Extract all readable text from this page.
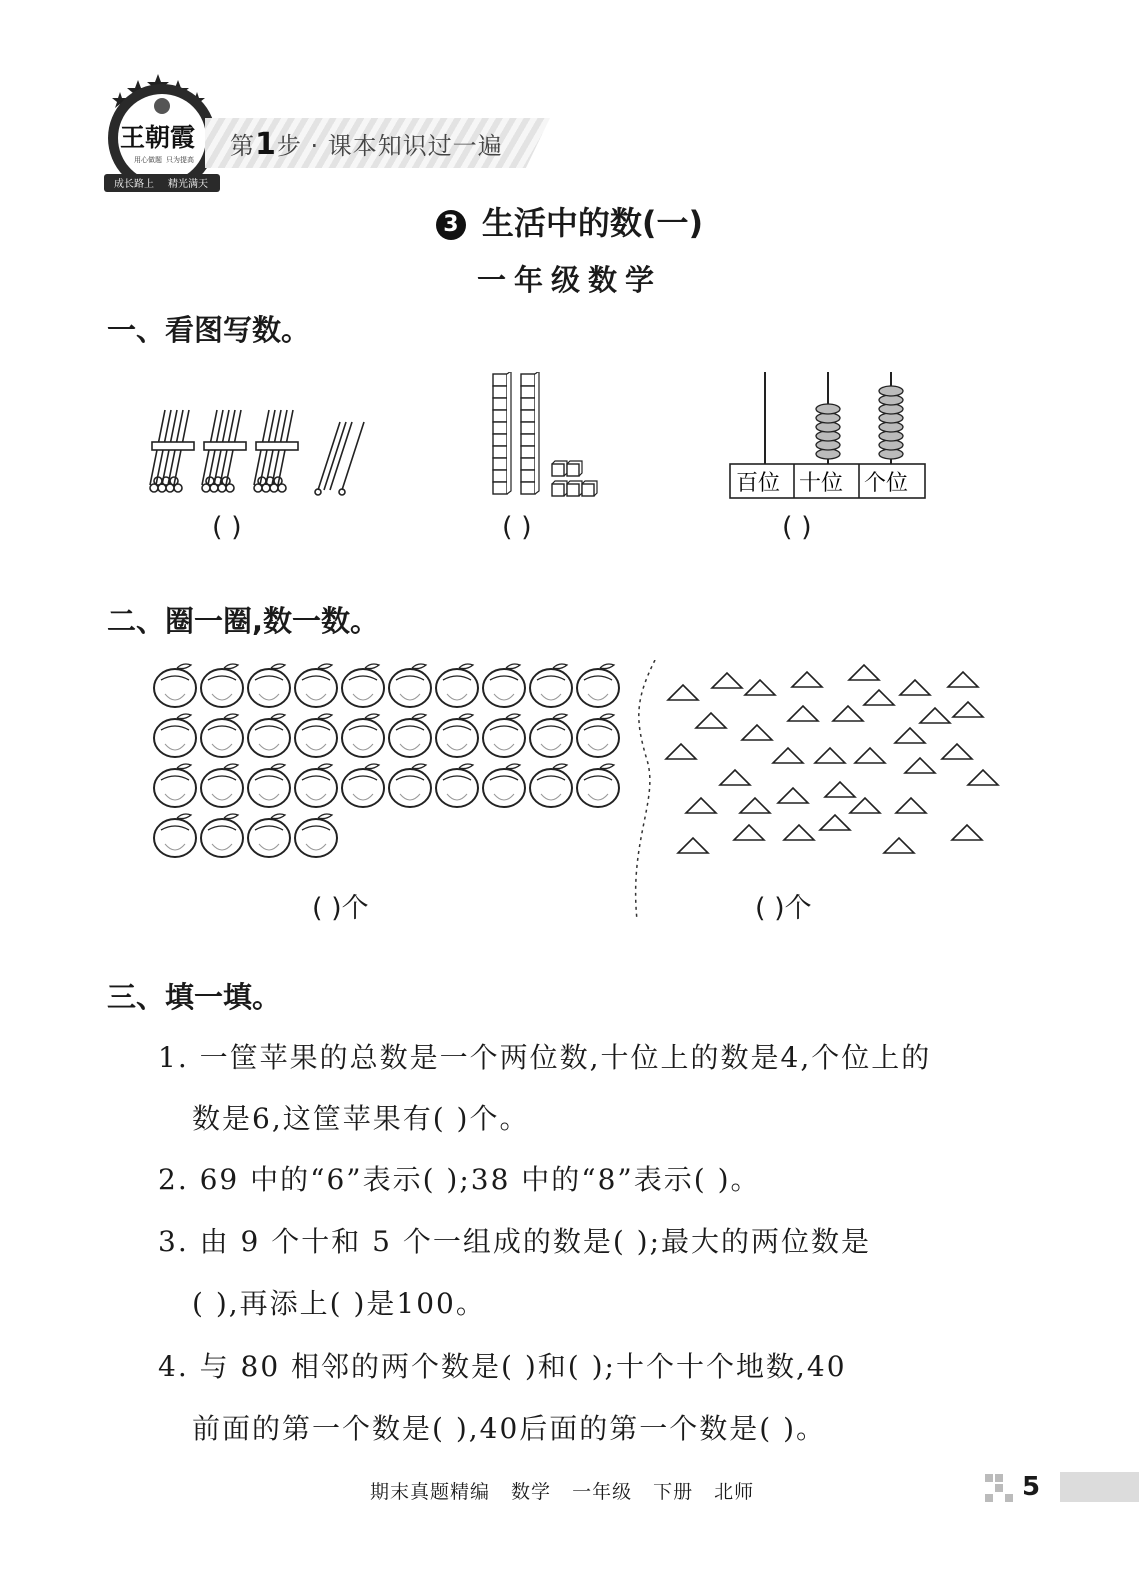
成长路上 精光满天
王朝霞
用心做题 只为提高 第1步 · 课本知识过一遍
3 生活中的数(一)
一年级数学
一、看图写数。
( )	( )
百位 十位 个位
( )
二、圈一圈,数一数。
( )个	( )个
三、填一填。
1. 一筐苹果的总数是一个两位数,十位上的数是4,个位上的
数是6,这筐苹果有( )个。
2. 69 中的“6”表示( );38 中的“8”表示( )。
3. 由 9 个十和 5 个一组成的数是( );最大的两位数是
( ),再添上( )是100。
4. 与 80 相邻的两个数是( )和( );十个十个地数,40
前面的第一个数是( ),40后面的第一个数是( )。
期末真题精编 数学 一年级 下册 北师	5
